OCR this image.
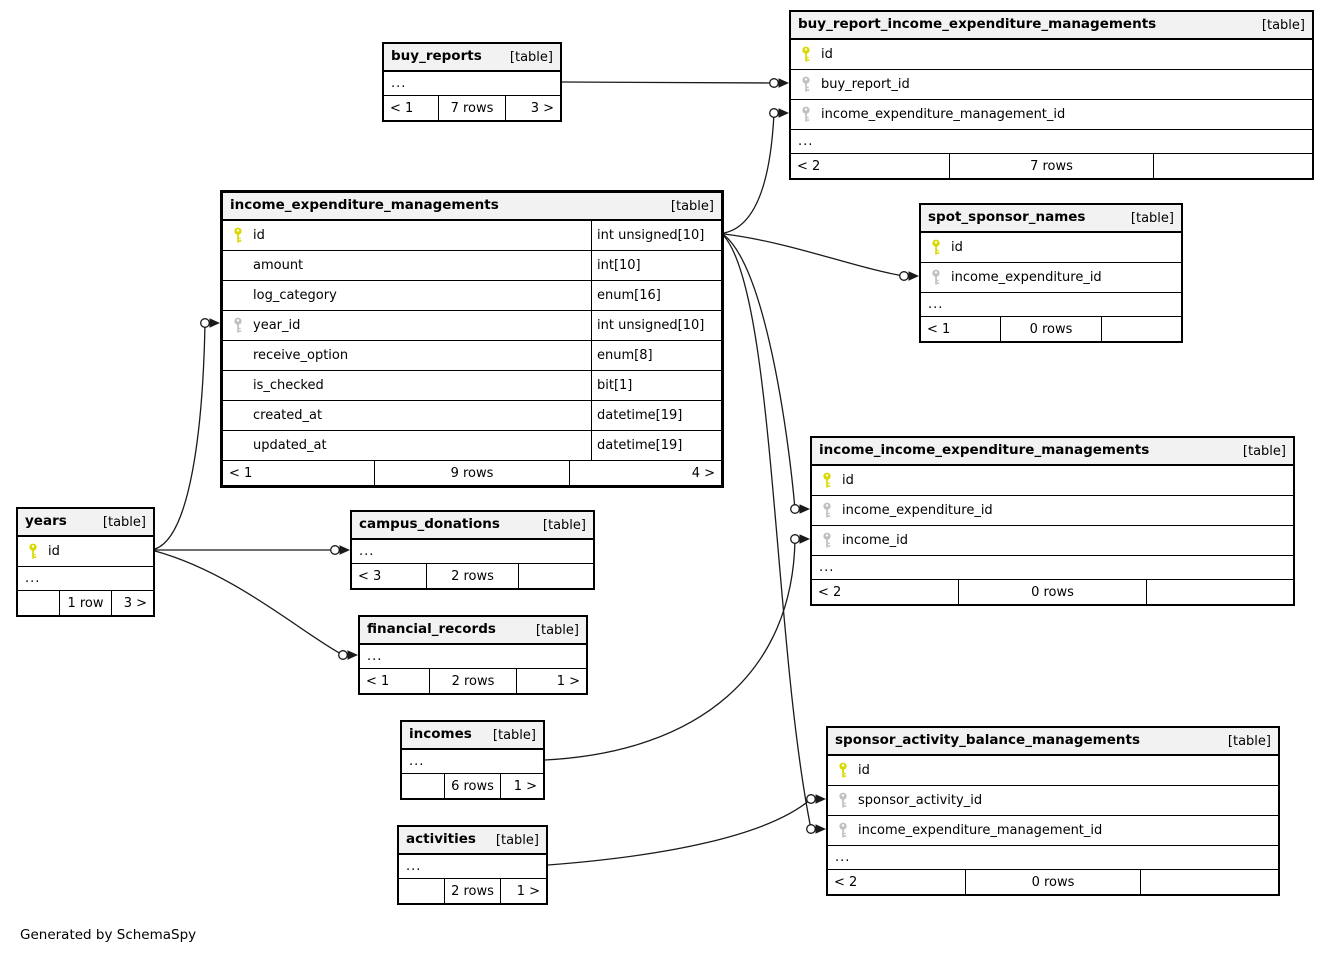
buy_reports	[table]
...
< 1	7 rows	3 >
buy_report_income_expenditure_managements	[table]
id
buy_report_id
income_expenditure_management_id
...
< 2	7 rows
income_expenditure_managements	[table]
id	int unsigned[10]
amount	int[10]
log_category	enum[16]
year_id	int unsigned[10]
receive_option	enum[8]
is_checked	bit[1]
created_at	datetime[19]
updated_at	datetime[19]
< 1	9 rows	4 >
spot_sponsor_names	[table]
id
income_expenditure_id
...
< 1	0 rows
years	[table]
id
...
1 row	3 >
campus_donations	[table]
...
< 3	2 rows
financial_records	[table]
...
< 1	2 rows	1 >
income_income_expenditure_managements	[table]
id
income_expenditure_id
income_id
...
< 2	0 rows
incomes	[table]
...
6 rows	1 >
activities	[table]
...
2 rows	1 >
sponsor_activity_balance_managements	[table]
id
sponsor_activity_id
income_expenditure_management_id
...
< 2	0 rows
Generated by SchemaSpy
